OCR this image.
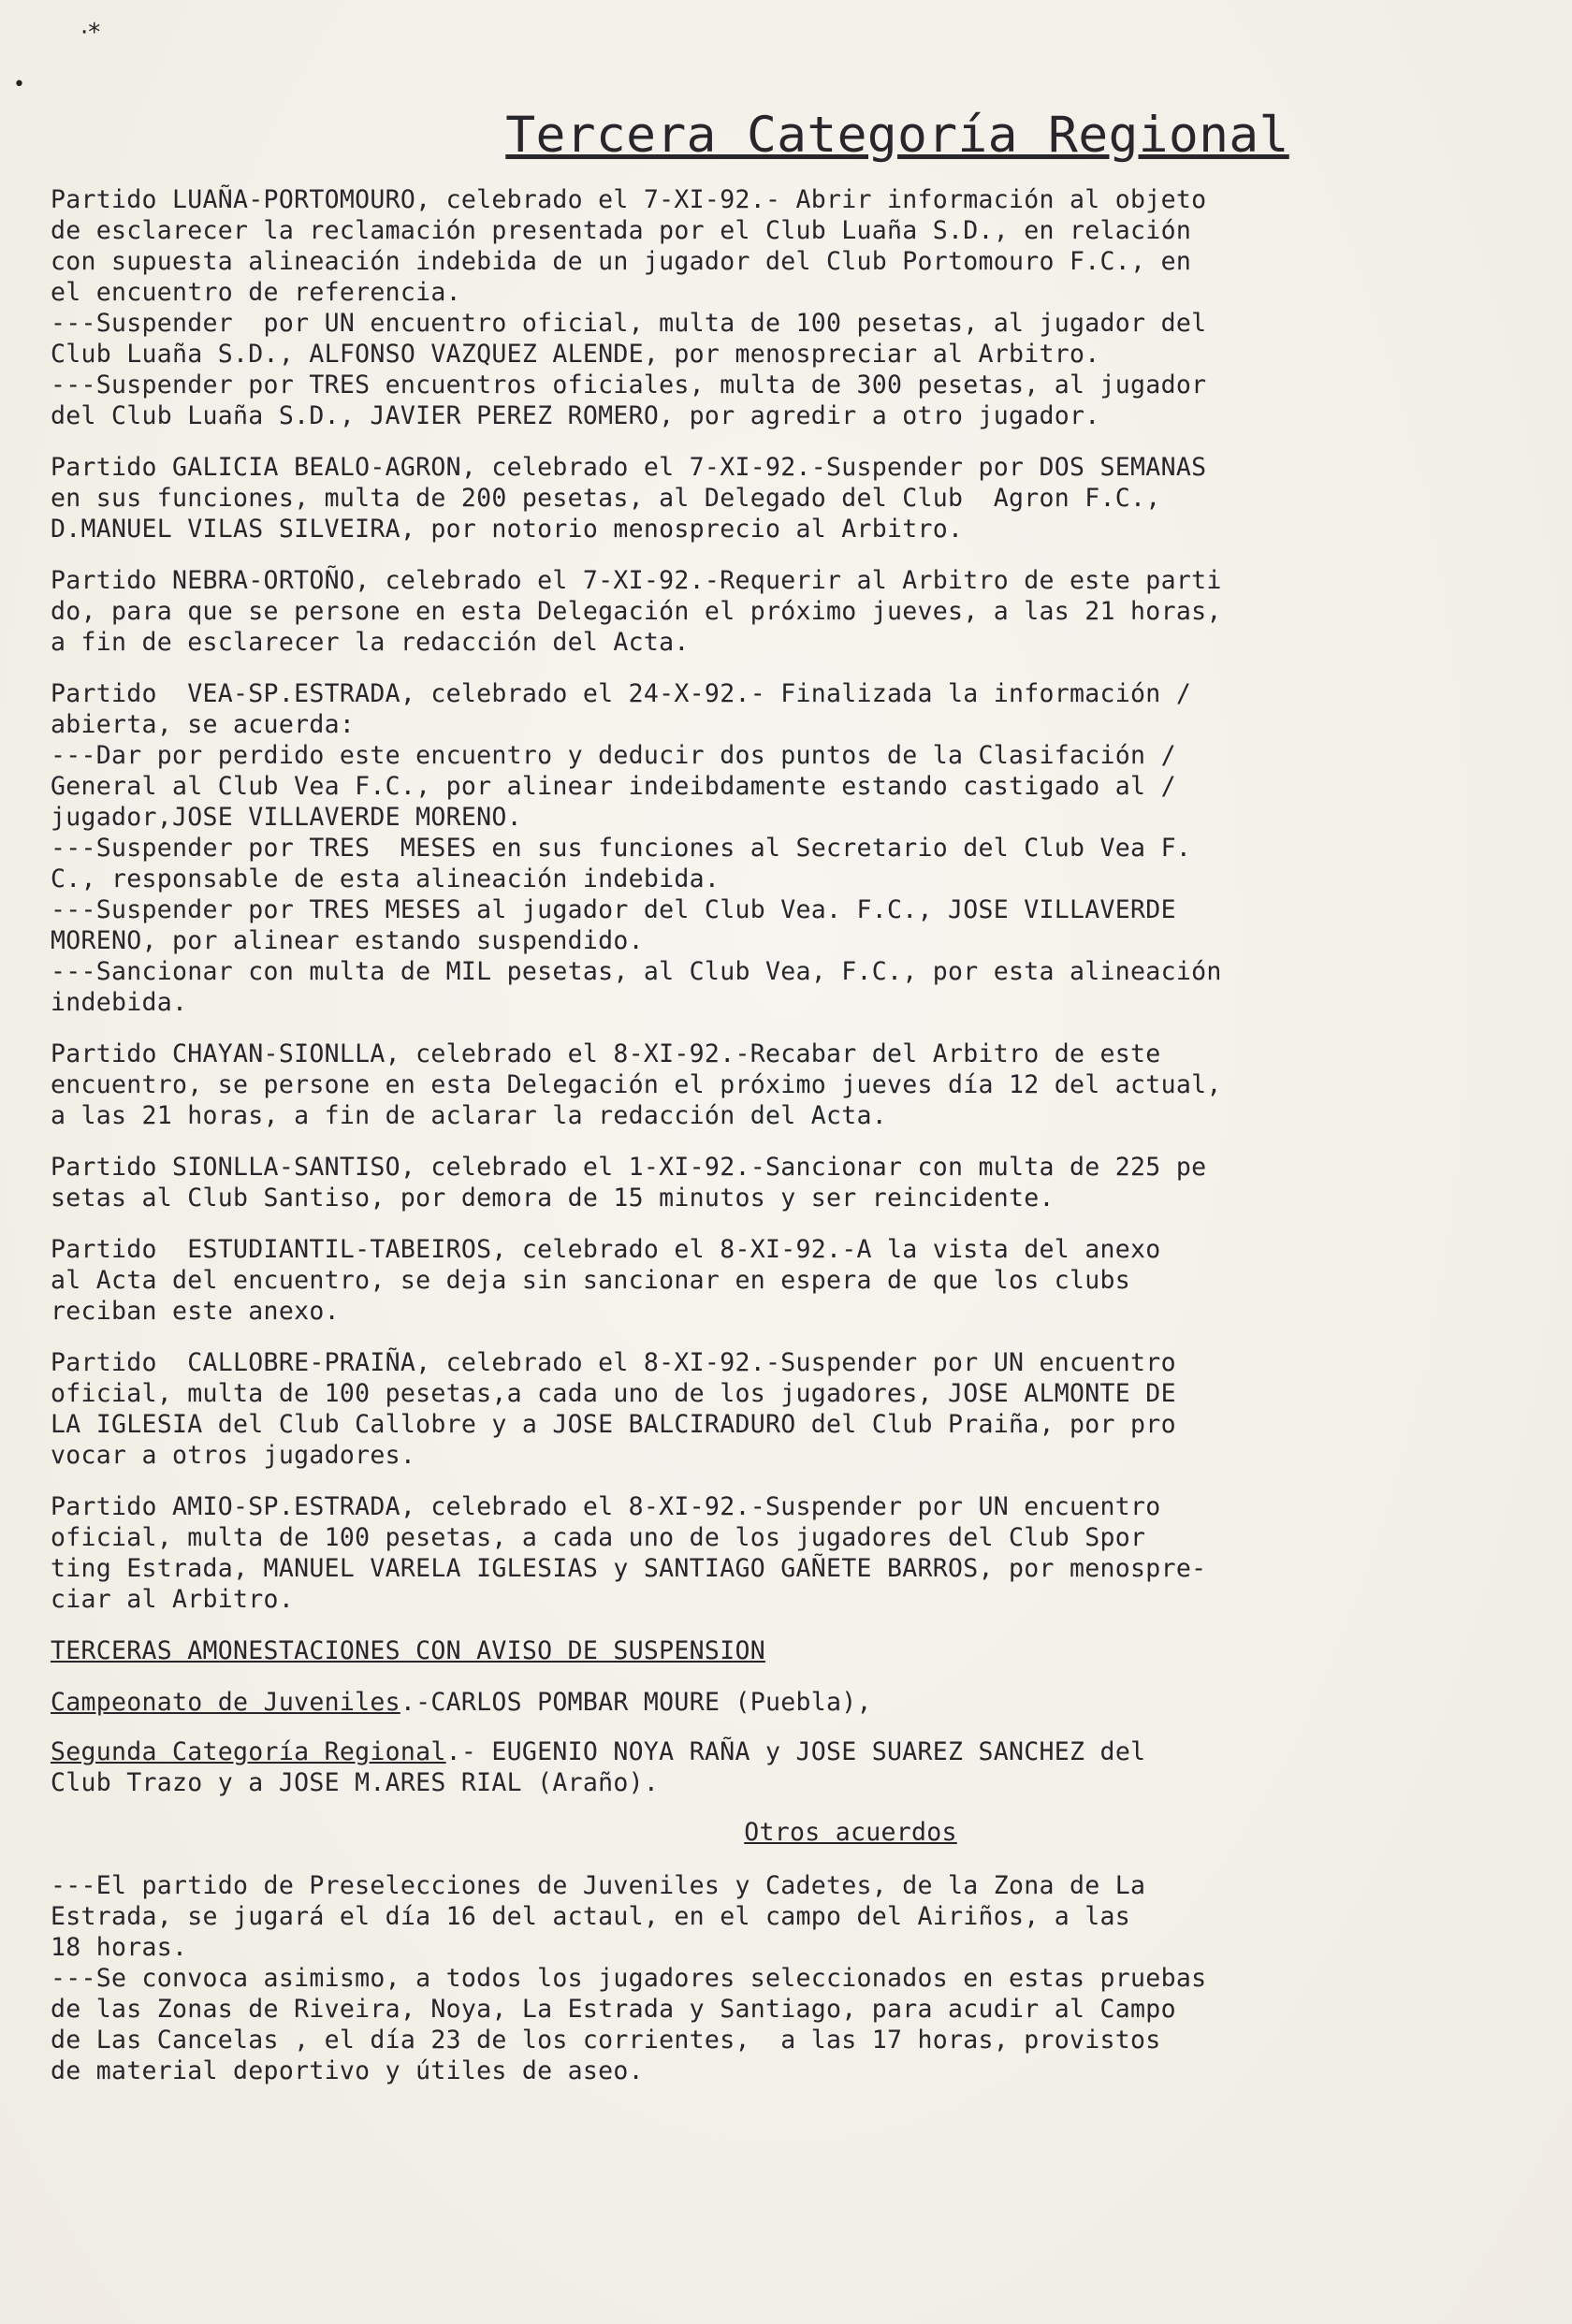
·*
•
Tercera Categoría Regional
Partido LUAÑA-PORTOMOURO, celebrado el 7-XI-92.- Abrir información al objeto
de esclarecer la reclamación presentada por el Club Luaña S.D., en relación
con supuesta alineación indebida de un jugador del Club Portomouro F.C., en
el encuentro de referencia.
---Suspender  por UN encuentro oficial, multa de 100 pesetas, al jugador del
Club Luaña S.D., ALFONSO VAZQUEZ ALENDE, por menospreciar al Arbitro.
---Suspender por TRES encuentros oficiales, multa de 300 pesetas, al jugador
del Club Luaña S.D., JAVIER PEREZ ROMERO, por agredir a otro jugador.
Partido GALICIA BEALO-AGRON, celebrado el 7-XI-92.-Suspender por DOS SEMANAS
en sus funciones, multa de 200 pesetas, al Delegado del Club  Agron F.C.,
D.MANUEL VILAS SILVEIRA, por notorio menosprecio al Arbitro.
Partido NEBRA-ORTOÑO, celebrado el 7-XI-92.-Requerir al Arbitro de este parti
do, para que se persone en esta Delegación el próximo jueves, a las 21 horas,
a fin de esclarecer la redacción del Acta.
Partido  VEA-SP.ESTRADA, celebrado el 24-X-92.- Finalizada la información /
abierta, se acuerda:
---Dar por perdido este encuentro y deducir dos puntos de la Clasifación /
General al Club Vea F.C., por alinear indeibdamente estando castigado al /
jugador,JOSE VILLAVERDE MORENO.
---Suspender por TRES  MESES en sus funciones al Secretario del Club Vea F.
C., responsable de esta alineación indebida.
---Suspender por TRES MESES al jugador del Club Vea. F.C., JOSE VILLAVERDE
MORENO, por alinear estando suspendido.
---Sancionar con multa de MIL pesetas, al Club Vea, F.C., por esta alineación
indebida.
Partido CHAYAN-SIONLLA, celebrado el 8-XI-92.-Recabar del Arbitro de este
encuentro, se persone en esta Delegación el próximo jueves día 12 del actual,
a las 21 horas, a fin de aclarar la redacción del Acta.
Partido SIONLLA-SANTISO, celebrado el 1-XI-92.-Sancionar con multa de 225 pe
setas al Club Santiso, por demora de 15 minutos y ser reincidente.
Partido  ESTUDIANTIL-TABEIROS, celebrado el 8-XI-92.-A la vista del anexo
al Acta del encuentro, se deja sin sancionar en espera de que los clubs
reciban este anexo.
Partido  CALLOBRE-PRAIÑA, celebrado el 8-XI-92.-Suspender por UN encuentro
oficial, multa de 100 pesetas,a cada uno de los jugadores, JOSE ALMONTE DE
LA IGLESIA del Club Callobre y a JOSE BALCIRADURO del Club Praiña, por pro
vocar a otros jugadores.
Partido AMIO-SP.ESTRADA, celebrado el 8-XI-92.-Suspender por UN encuentro
oficial, multa de 100 pesetas, a cada uno de los jugadores del Club Spor
ting Estrada, MANUEL VARELA IGLESIAS y SANTIAGO GAÑETE BARROS, por menospre-
ciar al Arbitro.
TERCERAS AMONESTACIONES CON AVISO DE SUSPENSION
Campeonato de Juveniles.-CARLOS POMBAR MOURE (Puebla),
Segunda Categoría Regional.- EUGENIO NOYA RAÑA y JOSE SUAREZ SANCHEZ del
Club Trazo y a JOSE M.ARES RIAL (Araño).
Otros acuerdos
---El partido de Preselecciones de Juveniles y Cadetes, de la Zona de La
Estrada, se jugará el día 16 del actaul, en el campo del Airiños, a las
18 horas.
---Se convoca asimismo, a todos los jugadores seleccionados en estas pruebas
de las Zonas de Riveira, Noya, La Estrada y Santiago, para acudir al Campo
de Las Cancelas , el día 23 de los corrientes,  a las 17 horas, provistos
de material deportivo y útiles de aseo.
